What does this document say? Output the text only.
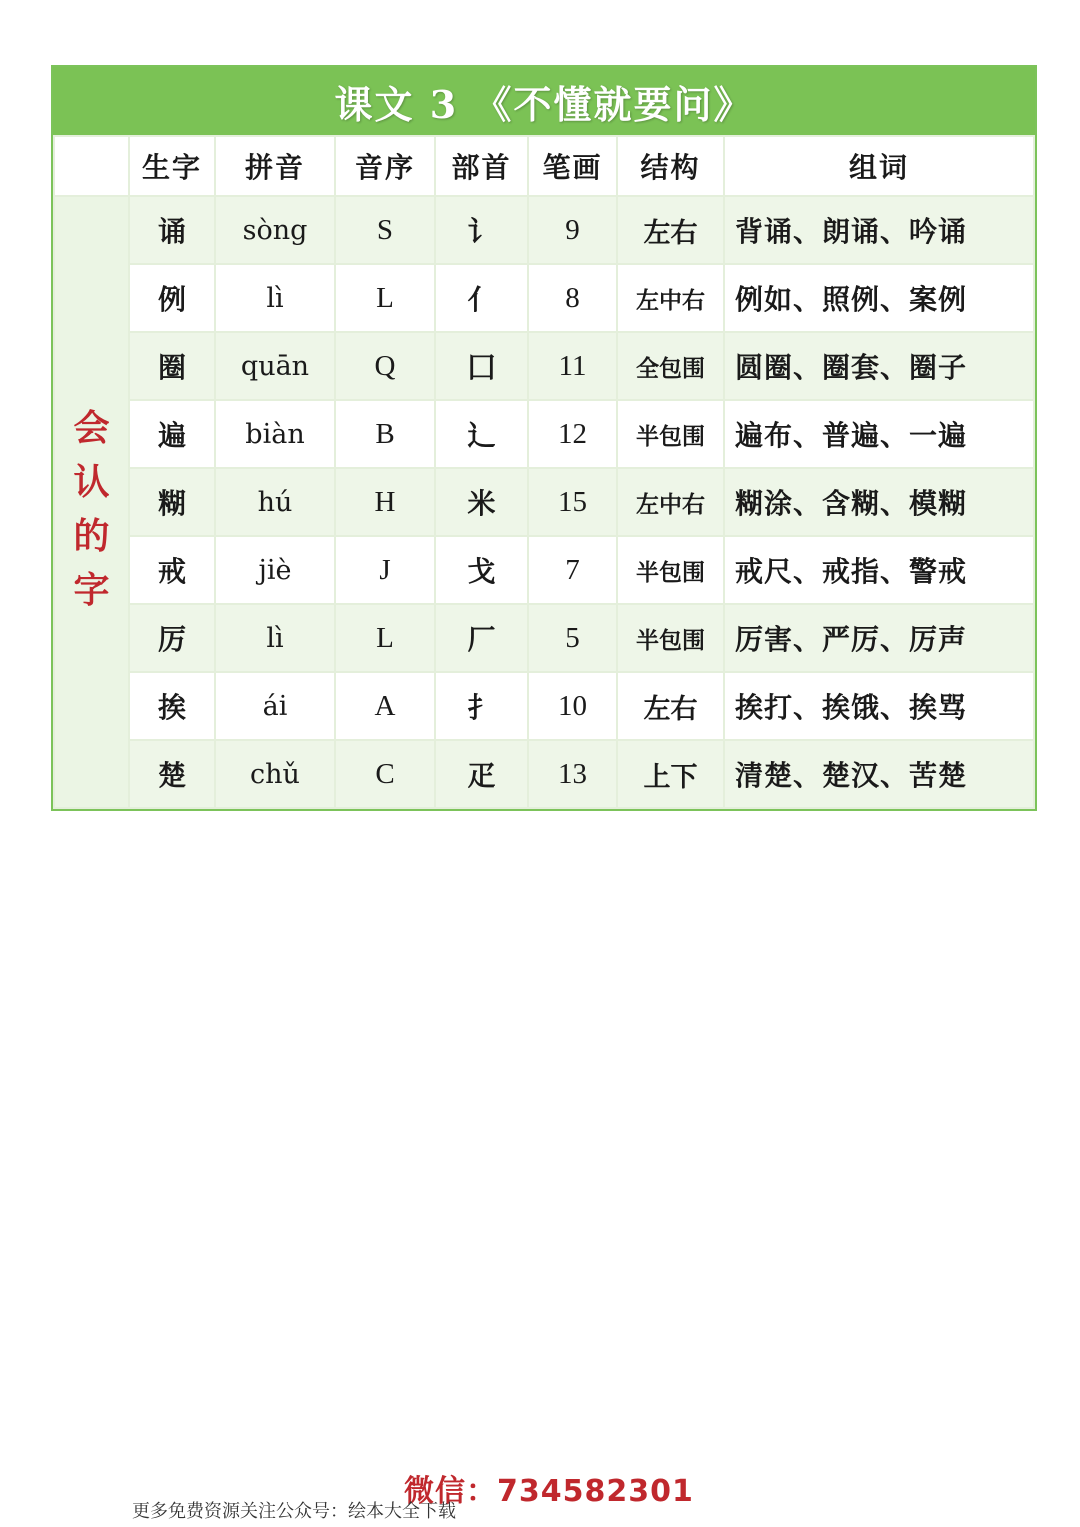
课文 3 《不懂就要问》
	生字	拼音	音序	部首	笔画	结构	组词

会
认
的
字	诵	sòng	S	讠	9	左右	背诵、朗诵、吟诵
	例	lì	L	亻	8	左中右	例如、照例、案例
	圈	quān	Q	囗	11	全包围	圆圈、圈套、圈子
	遍	biàn	B	辶	12	半包围	遍布、普遍、一遍
	糊	hú	H	米	15	左中右	糊涂、含糊、模糊
	戒	jiè	J	戈	7	半包围	戒尺、戒指、警戒
	厉	lì	L	厂	5	半包围	厉害、严厉、厉声
	挨	ái	A	扌	10	左右	挨打、挨饿、挨骂
	楚	chǔ	C	疋	13	上下	清楚、楚汉、苦楚
微信：734582301
更多免费资源关注公众号：绘本大全下载
